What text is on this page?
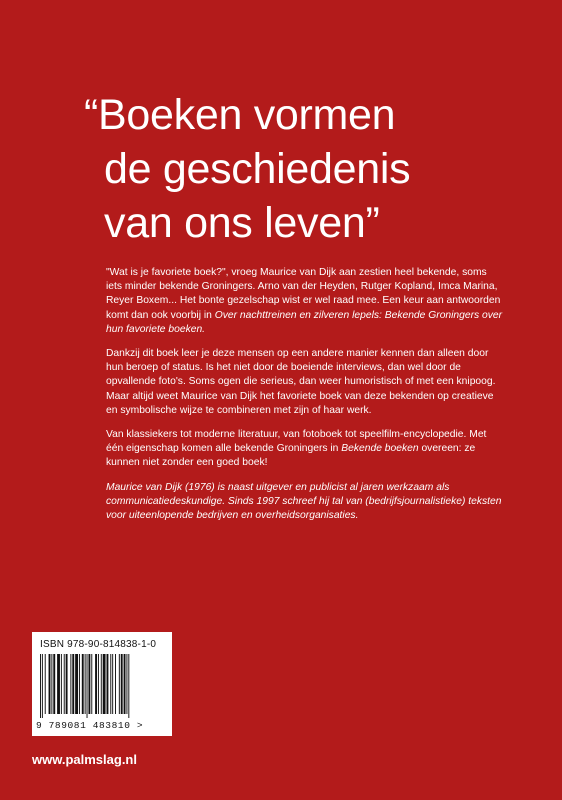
“Boeken vormen
de geschiedenis
van ons leven”

"Wat is je favoriete boek?", vroeg Maurice van Dijk aan zestien heel bekende, soms iets minder bekende Groningers. Arno van der Heyden, Rutger Kopland, Imca Marina, Reyer Boxem... Het bonte gezelschap wist er wel raad mee. Een keur aan antwoorden komt dan ook voorbij in Over nachttreinen en zilveren lepels: Bekende Groningers over hun favoriete boeken.

Dankzij dit boek leer je deze mensen op een andere manier kennen dan alleen door hun beroep of status. Is het niet door de boeiende interviews, dan wel door de opvallende foto's. Soms ogen die serieus, dan weer humoristisch of met een knipoog. Maar altijd weet Maurice van Dijk het favoriete boek van deze bekenden op creatieve en symbolische wijze te combineren met zijn of haar werk.

Van klassiekers tot moderne literatuur, van fotoboek tot speelfilm-encyclopedie. Met één eigenschap komen alle bekende Groningers in Bekende boeken overeen: ze kunnen niet zonder een goed boek!

Maurice van Dijk (1976) is naast uitgever en publicist al jaren werkzaam als communicatiedeskundige. Sinds 1997 schreef hij tal van (bedrijfsjournalistieke) teksten voor uiteenlopende bedrijven en overheidsorganisaties.

ISBN 978-90-814838-1-0
9 789081 483810 >
www.palmslag.nl
